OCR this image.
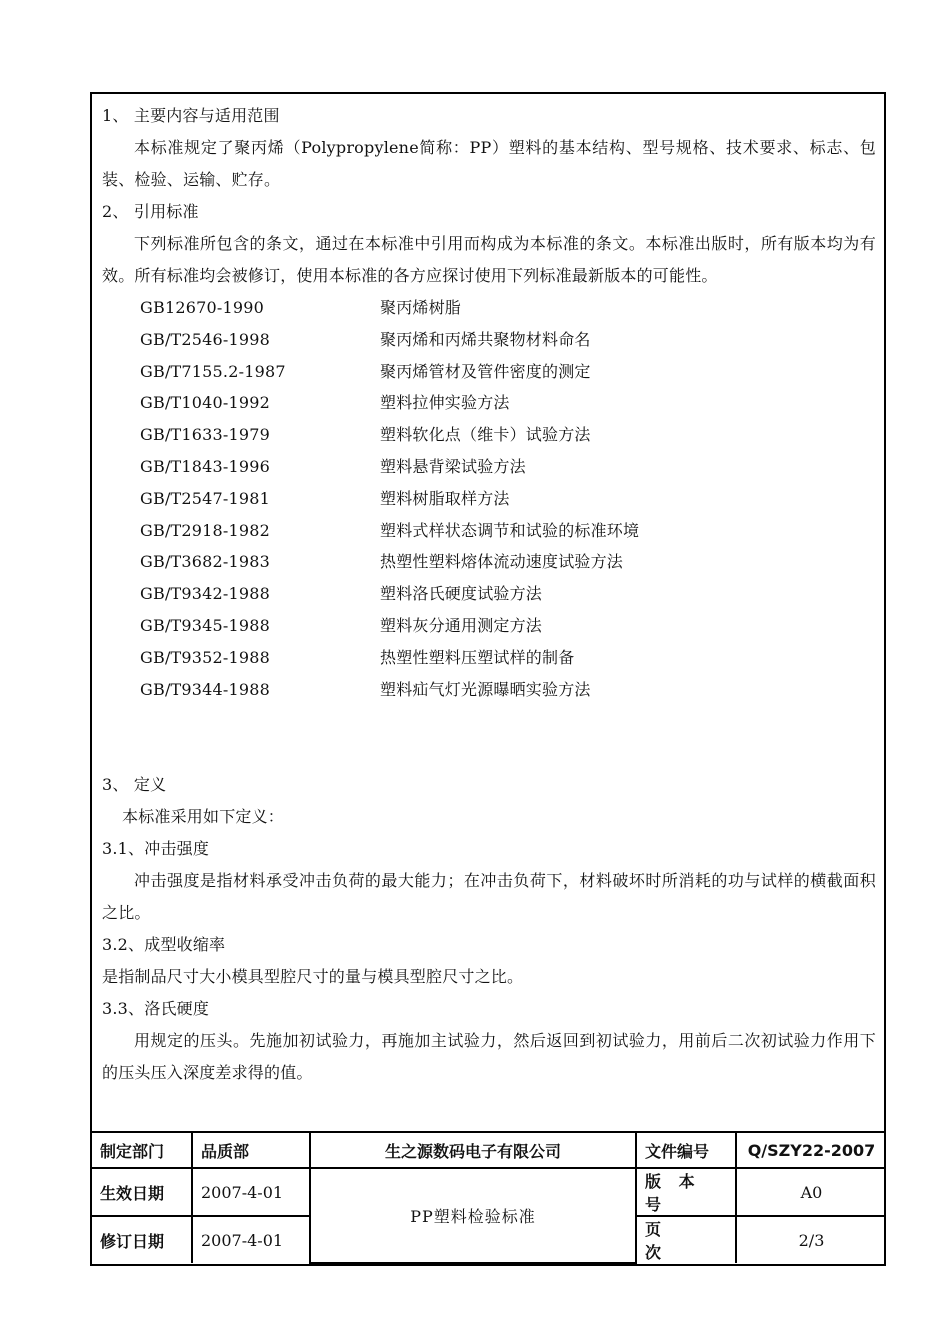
1、 主要内容与适用范围

本标准规定了聚丙烯（Polypropylene简称：PP）塑料的基本结构、型号规格、技术要求、标志、包装、检验、运输、贮存。

2、 引用标准

下列标准所包含的条文，通过在本标准中引用而构成为本标准的条文。本标准出版时，所有版本均为有效。所有标准均会被修订，使用本标准的各方应探讨使用下列标准最新版本的可能性。

GB12670-1990	聚丙烯树脂
GB/T2546-1998	聚丙烯和丙烯共聚物材料命名
GB/T7155.2-1987	聚丙烯管材及管件密度的测定
GB/T1040-1992	塑料拉伸实验方法
GB/T1633-1979	塑料软化点（维卡）试验方法
GB/T1843-1996	塑料悬背梁试验方法
GB/T2547-1981	塑料树脂取样方法
GB/T2918-1982	塑料式样状态调节和试验的标准环境
GB/T3682-1983	热塑性塑料熔体流动速度试验方法
GB/T9342-1988	塑料洛氏硬度试验方法
GB/T9345-1988	塑料灰分通用测定方法
GB/T9352-1988	热塑性塑料压塑试样的制备
GB/T9344-1988	塑料疝气灯光源曝晒实验方法

3、 定义

本标准采用如下定义：

3.1、冲击强度

冲击强度是指材料承受冲击负荷的最大能力；在冲击负荷下，材料破坏时所消耗的功与试样的横截面积之比。

3.2、成型收缩率

是指制品尺寸大小模具型腔尺寸的量与模具型腔尺寸之比。

3.3、洛氏硬度

用规定的压头。先施加初试验力，再施加主试验力，然后返回到初试验力，用前后二次初试验力作用下的压头压入深度差求得的值。

制定部门	品质部	生之源数码电子有限公司	文件编号	Q/SZY22-2007
生效日期	2007-4-01	PP塑料检验标准	版 本 号	A0
修订日期	2007-4-01		页 次	2/3
